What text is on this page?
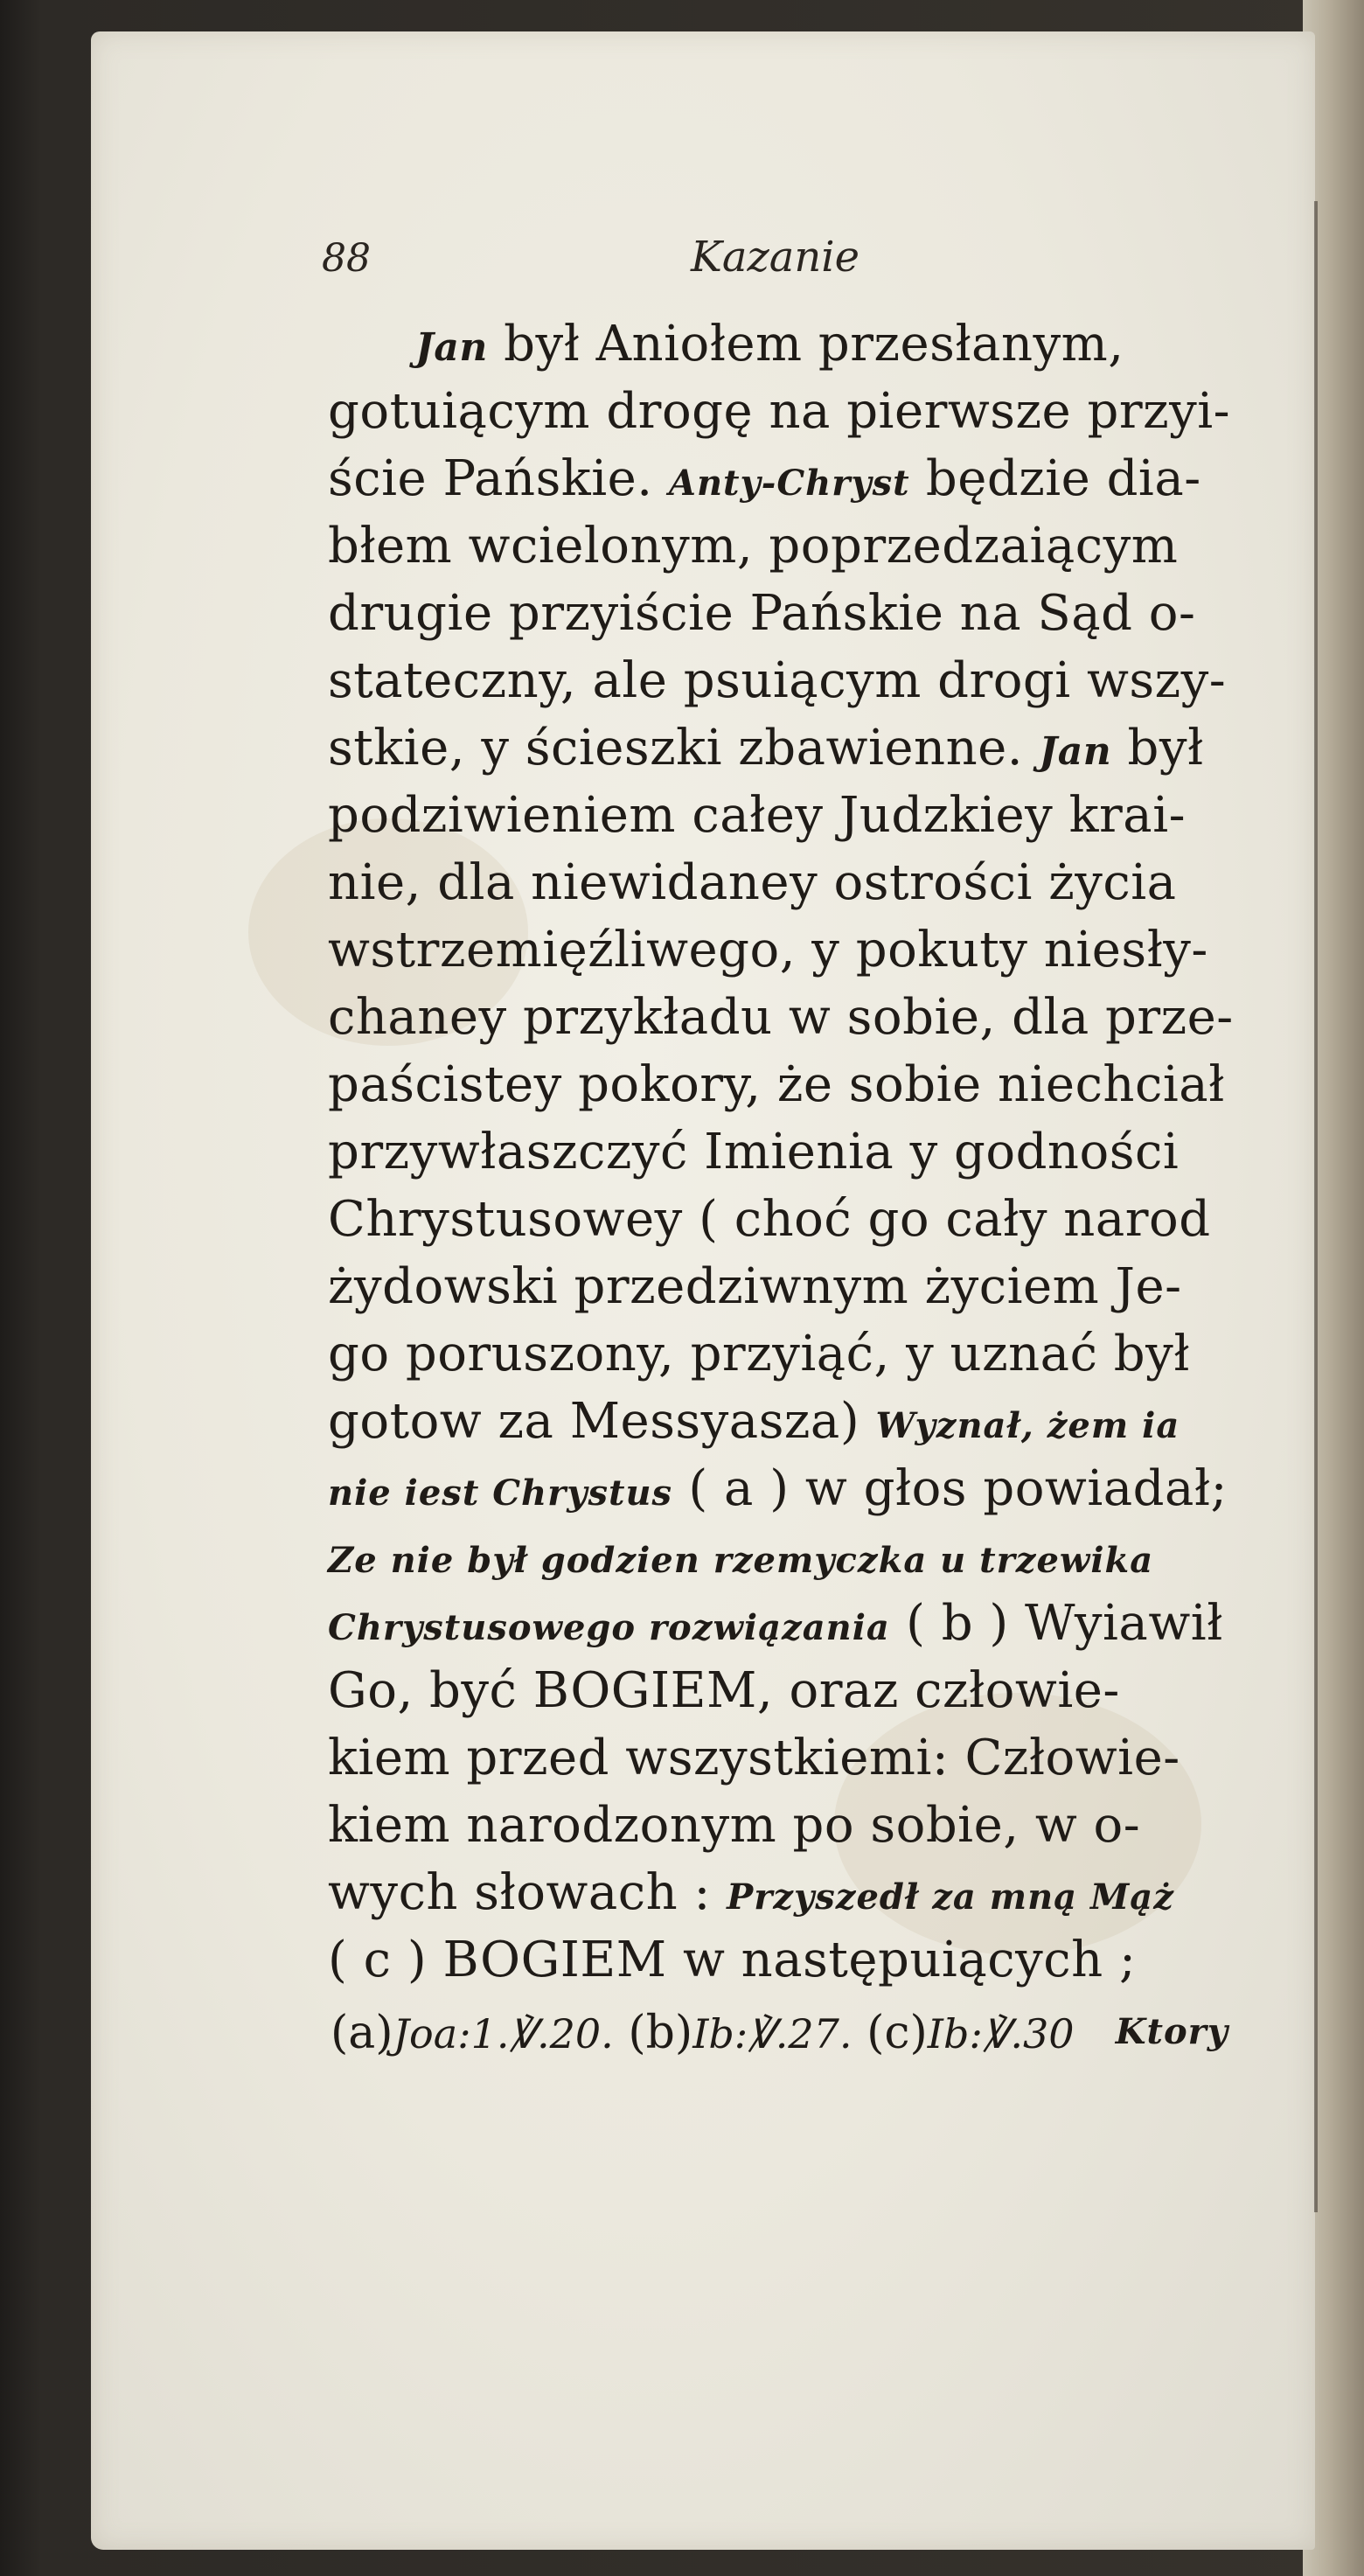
88	Kazanie
Jan był Aniołem przesłanym,
gotuiącym drogę na pierwsze przyi-
ście Pańskie. Anty-Chryst będzie dia-
błem wcielonym, poprzedzaiącym
drugie przyiście Pańskie na Sąd o-
stateczny, ale psuiącym drogi wszy-
stkie, y ścieszki zbawienne. Jan był
podziwieniem całey Judzkiey krai-
nie, dla niewidaney ostrości życia
wstrzemięźliwego, y pokuty niesły-
chaney przykładu w sobie, dla prze-
paścistey pokory, że sobie niechciał
przywłaszczyć Imienia y godności
Chrystusowey ( choć go cały narod
żydowski przedziwnym życiem Je-
go poruszony, przyiąć, y uznać był
gotow za Messyasza) Wyznał, żem ia
nie iest Chrystus ( a ) w głos powiadał;
Ze nie był godzien rzemyczka u trzewika
Chrystusowego rozwiązania ( b ) Wyiawił
Go, być BOGIEM, oraz człowie-
kiem przed wszystkiemi: Człowie-
kiem narodzonym po sobie, w o-
wych słowach : Przyszedł za mną Mąż
( c ) BOGIEM w następuiących ;
Ktory
(a)Joa:1.℣.20. (b)Ib:℣.27. (c)Ib:℣.30
